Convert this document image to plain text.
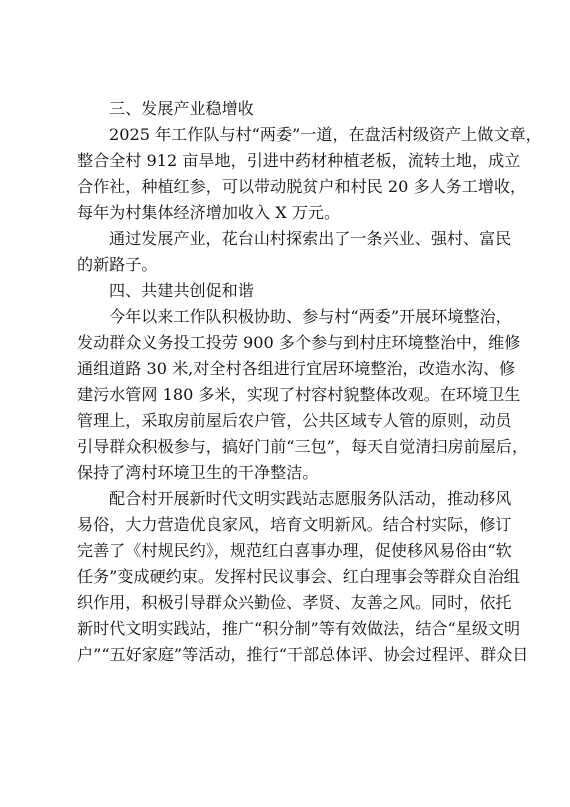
三、发展产业稳增收
2025 年工作队与村“两委”一道，在盘活村级资产上做文章，
整合全村 912 亩旱地，引进中药材种植老板，流转土地，成立
合作社，种植红参，可以带动脱贫户和村民 20 多人务工增收，
每年为村集体经济增加收入 X 万元。
通过发展产业，花台山村探索出了一条兴业、强村、富民
的新路子。
四、共建共创促和谐
今年以来工作队积极协助、参与村“两委”开展环境整治，
发动群众义务投工投劳 900 多个参与到村庄环境整治中，维修
通组道路 30 米,对全村各组进行宜居环境整治，改造水沟、修
建污水管网 180 多米，实现了村容村貌整体改观。在环境卫生
管理上，采取房前屋后农户管，公共区域专人管的原则，动员
引导群众积极参与，搞好门前“三包”，每天自觉清扫房前屋后，
保持了湾村环境卫生的干净整洁。
配合村开展新时代文明实践站志愿服务队活动，推动移风
易俗，大力营造优良家风，培育文明新风。结合村实际，修订
完善了《村规民约》，规范红白喜事办理，促使移风易俗由“软
任务”变成硬约束。发挥村民议事会、红白理事会等群众自治组
织作用，积极引导群众兴勤俭、孝贤、友善之风。同时，依托
新时代文明实践站，推广“积分制”等有效做法，结合“星级文明
户”“五好家庭”等活动，推行“干部总体评、协会过程评、群众日
